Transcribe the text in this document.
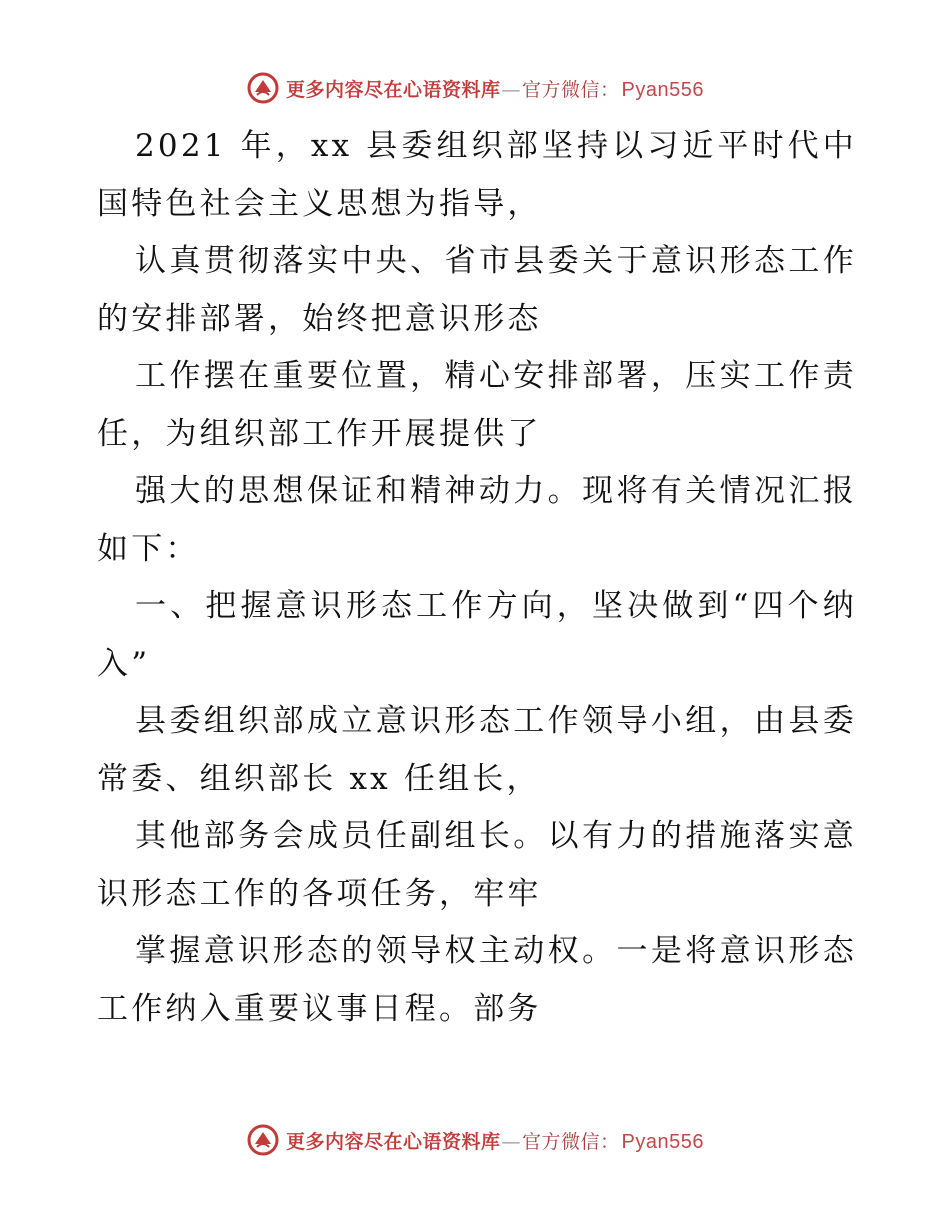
更多内容尽在心语资料库 — 官方微信： Pyan556

2021 年，xx 县委组织部坚持以习近平时代中国特色社会主义思想为指导，

认真贯彻落实中央、省市县委关于意识形态工作的安排部署，始终把意识形态

工作摆在重要位置，精心安排部署，压实工作责任，为组织部工作开展提供了

强大的思想保证和精神动力。现将有关情况汇报如下：

一、把握意识形态工作方向，坚决做到“四个纳入”

县委组织部成立意识形态工作领导小组，由县委常委、组织部长 xx 任组长，

其他部务会成员任副组长。以有力的措施落实意识形态工作的各项任务，牢牢

掌握意识形态的领导权主动权。一是将意识形态工作纳入重要议事日程。部务

更多内容尽在心语资料库 — 官方微信： Pyan556
